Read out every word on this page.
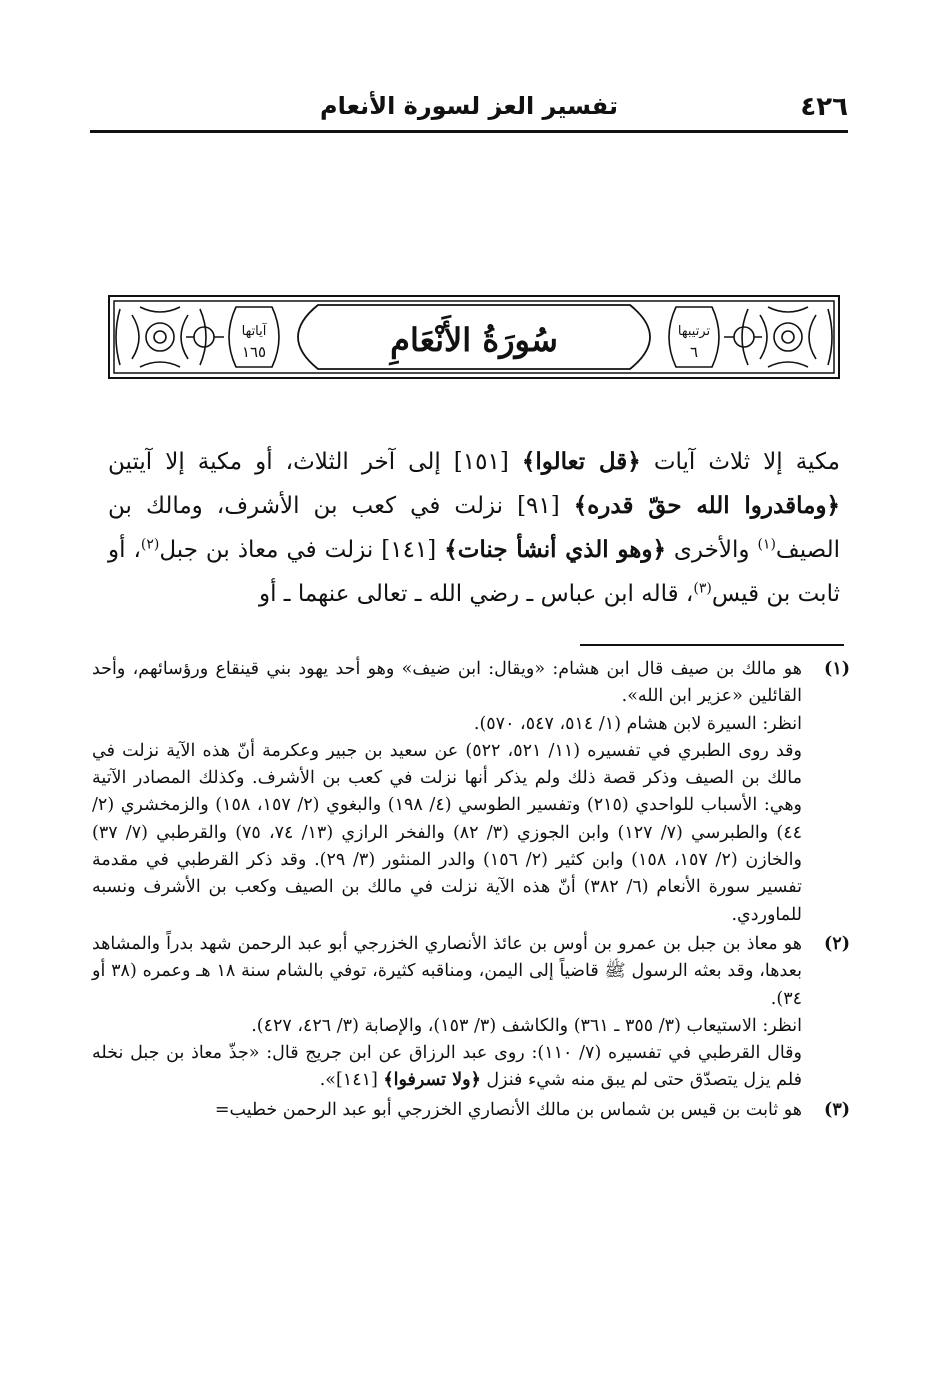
٤٢٦
تفسير العز لسورة الأنعام
سُورَةُ الأَنْعَامِ	ترتيبها
٦
آياتها
١٦٥
مكية إلا ثلاث آيات ﴿قل تعالوا﴾ [١٥١] إلى آخر الثلاث، أو مكية إلا آيتين ﴿وماقدروا الله حقّ قدره﴾ [٩١] نزلت في كعب بن الأشرف، ومالك بن الصيف$^{(١)}$ والأخرى ﴿وهو الذي أنشأ جنات﴾ [١٤١] نزلت في معاذ بن جبل$^{(٢)}$، أو ثابت بن قيس$^{(٣)}$، قاله ابن عباس ـ رضي الله ـ تعالى عنهما ـ أو
(١)

هو مالك بن صيف قال ابن هشام: «ويقال: ابن ضيف» وهو أحد يهود بني قينقاع ورؤسائهم، وأحد القائلين «عزير ابن الله».

انظر: السيرة لابن هشام (١/ ٥١٤، ٥٤٧، ٥٧٠).

وقد روى الطبري في تفسيره (١١/ ٥٢١، ٥٢٢) عن سعيد بن جبير وعكرمة أنّ هذه الآية نزلت في مالك بن الصيف وذكر قصة ذلك ولم يذكر أنها نزلت في كعب بن الأشرف. وكذلك المصادر الآتية وهي: الأسباب للواحدي (٢١٥) وتفسير الطوسي (٤/ ١٩٨) والبغوي (٢/ ١٥٧، ١٥٨) والزمخشري (٢/ ٤٤) والطبرسي (٧/ ١٢٧) وابن الجوزي (٣/ ٨٢) والفخر الرازي (١٣/ ٧٤، ٧٥) والقرطبي (٧/ ٣٧) والخازن (٢/ ١٥٧، ١٥٨) وابن كثير (٢/ ١٥٦) والدر المنثور (٣/ ٢٩). وقد ذكر القرطبي في مقدمة تفسير سورة الأنعام (٦/ ٣٨٢) أنّ هذه الآية نزلت في مالك بن الصيف وكعب بن الأشرف ونسبه للماوردي.

(٢)

هو معاذ بن جبل بن عمرو بن أوس بن عائذ الأنصاري الخزرجي أبو عبد الرحمن شهد بدراً والمشاهد بعدها، وقد بعثه الرسول ﷺ قاضياً إلى اليمن، ومناقبه كثيرة، توفي بالشام سنة ١٨ هـ وعمره (٣٨ أو ٣٤).

انظر: الاستيعاب (٣/ ٣٥٥ ـ ٣٦١) والكاشف (٣/ ١٥٣)، والإصابة (٣/ ٤٢٦، ٤٢٧).

وقال القرطبي في تفسيره (٧/ ١١٠): روى عبد الرزاق عن ابن جريج قال: «جذّ معاذ بن جبل نخله فلم يزل يتصدّق حتى لم يبق منه شيء فنزل ﴿ولا تسرفوا﴾ [١٤١]».

(٣)

هو ثابت بن قيس بن شماس بن مالك الأنصاري الخزرجي أبو عبد الرحمن خطيب=
